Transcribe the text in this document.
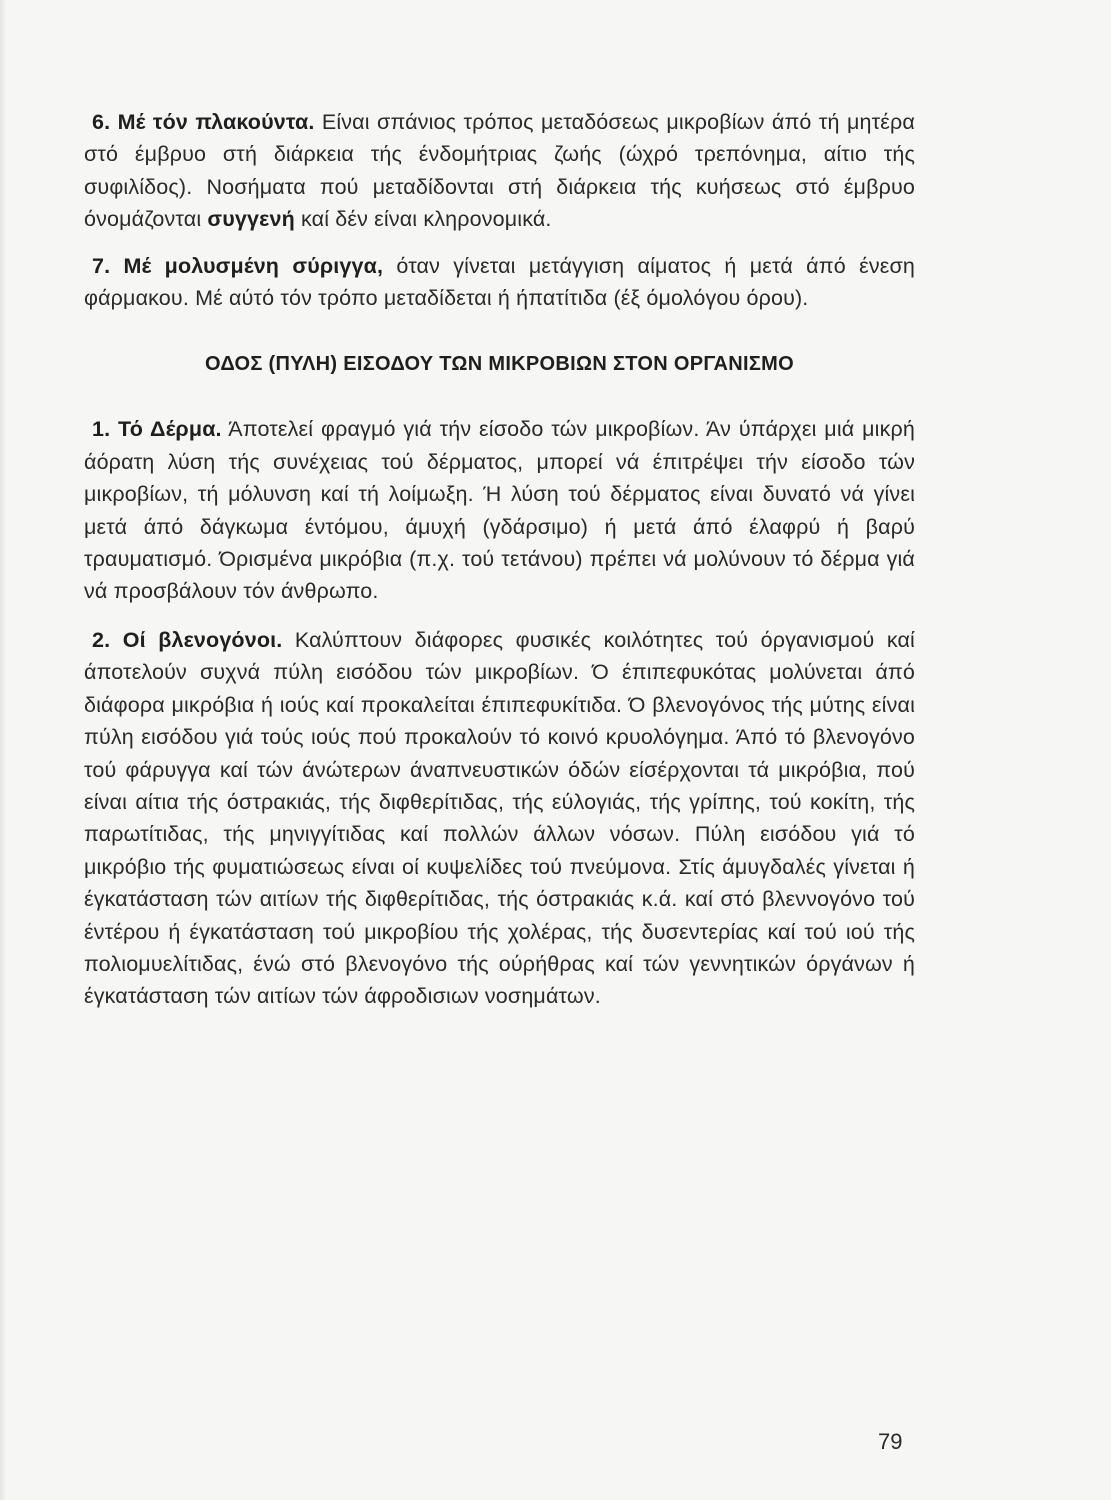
6. Μέ τόν πλακούντα. Είναι σπάνιος τρόπος μεταδόσεως μικροβίων άπό τή μητέρα στό έμβρυο στή διάρκεια τής ένδομήτριας ζωής (ώχρό τρεπόνημα, αίτιο τής συφιλίδος). Νοσήματα πού μεταδίδονται στή διάρκεια τής κυήσεως στό έμβρυο όνομάζονται συγγενή καί δέν είναι κληρονομικά.

7. Μέ μολυσμένη σύριγγα, όταν γίνεται μετάγγιση αίματος ή μετά άπό ένεση φάρμακου. Μέ αύτό τόν τρόπο μεταδίδεται ή ήπατίτιδα (έξ όμολόγου όρου).

ΟΔΟΣ (ΠΥΛΗ) ΕΙΣΟΔΟΥ ΤΩΝ ΜΙΚΡΟΒΙΩΝ ΣΤΟΝ ΟΡΓΑΝΙΣΜΟ

1. Τό Δέρμα. Άποτελεί φραγμό γιά τήν είσοδο τών μικροβίων. Άν ύπάρχει μιά μικρή άόρατη λύση τής συνέχειας τού δέρματος, μπορεί νά έπιτρέψει τήν είσοδο τών μικροβίων, τή μόλυνση καί τή λοίμωξη. Ή λύση τού δέρματος είναι δυνατό νά γίνει μετά άπό δάγκωμα έντόμου, άμυχή (γδάρσιμο) ή μετά άπό έλαφρύ ή βαρύ τραυματισμό. Όρισμένα μικρόβια (π.χ. τού τετάνου) πρέπει νά μολύνουν τό δέρμα γιά νά προσβάλουν τόν άνθρωπο.

2. Οί βλενογόνοι. Καλύπτουν διάφορες φυσικές κοιλότητες τού όργανισμού καί άποτελούν συχνά πύλη εισόδου τών μικροβίων. Ό έπιπεφυκότας μολύνεται άπό διάφορα μικρόβια ή ιούς καί προκαλείται έπιπεφυκίτιδα. Ό βλενογόνος τής μύτης είναι πύλη εισόδου γιά τούς ιούς πού προκαλούν τό κοινό κρυολόγημα. Άπό τό βλενογόνο τού φάρυγγα καί τών άνώτερων άναπνευστικών όδών είσέρχονται τά μικρόβια, πού είναι αίτια τής όστρακιάς, τής διφθερίτιδας, τής εύλογιάς, τής γρίπης, τού κοκίτη, τής παρωτίτιδας, τής μηνιγγίτιδας καί πολλών άλλων νόσων. Πύλη εισόδου γιά τό μικρόβιο τής φυματιώσεως είναι οί κυψελίδες τού πνεύμονα. Στίς άμυγδαλές γίνεται ή έγκατάσταση τών αιτίων τής διφθερίτιδας, τής όστρακιάς κ.ά. καί στό βλεννογόνο τού έντέρου ή έγκατάσταση τού μικροβίου τής χολέρας, τής δυσεντερίας καί τού ιού τής πολιομυελίτιδας, ένώ στό βλενογόνο τής ούρήθρας καί τών γεννητικών όργάνων ή έγκατάσταση τών αιτίων τών άφροδισιων νοσημάτων.

79
